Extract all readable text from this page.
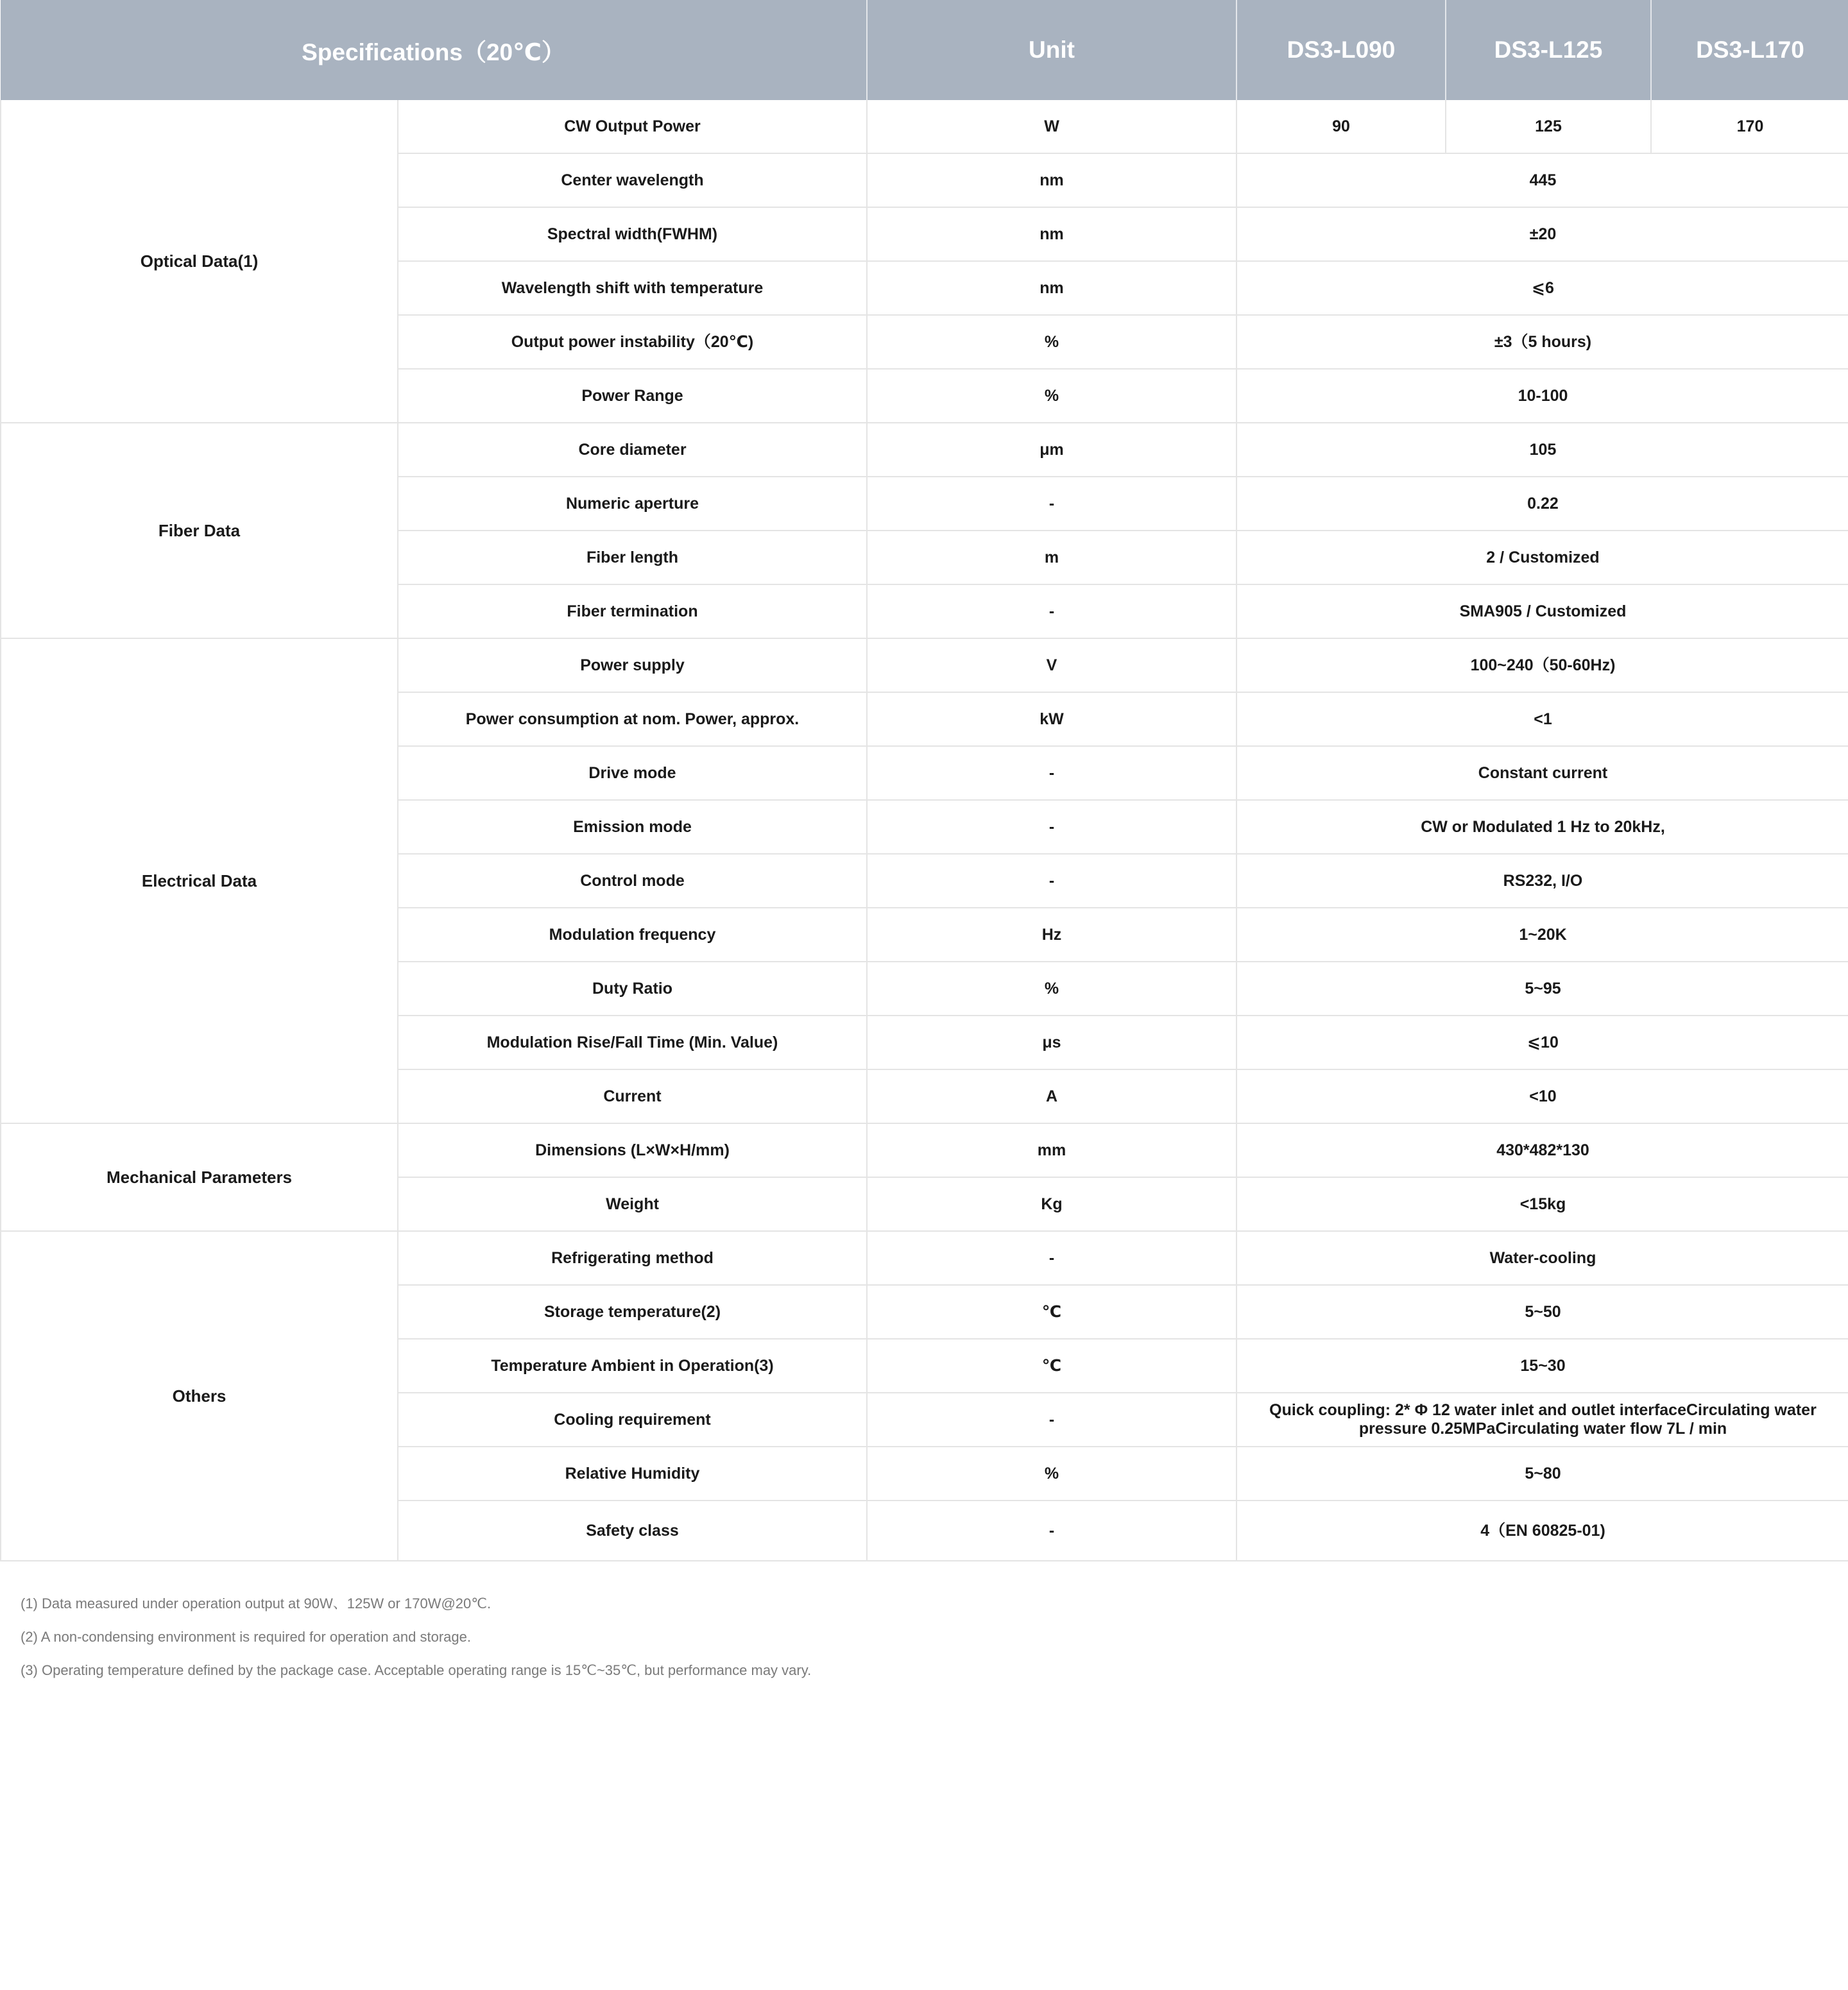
Specifications（20℃）		Unit	DS3-L090	DS3-L125	DS3-L170
Optical Data(1)	CW Output Power	W	90	125	170
	Center wavelength	nm	445		
	Spectral width(FWHM)	nm	±20		
	Wavelength shift with temperature	nm	⩽6		
	Output power instability（20℃)	%	±3（5 hours)		
	Power Range	%	10-100		
Fiber Data	Core diameter	μm	105		
	Numeric aperture	-	0.22		
	Fiber length	m	2 / Customized		
	Fiber termination	-	SMA905 / Customized		
Electrical Data	Power supply	V	100~240（50-60Hz)		
	Power consumption at nom. Power, approx.	kW	<1		
	Drive mode	-	Constant current		
	Emission mode	-	CW or Modulated 1 Hz to 20kHz,		
	Control mode	-	RS232, I/O		
	Modulation frequency	Hz	1~20K		
	Duty Ratio	%	5~95		
	Modulation Rise/Fall Time (Min. Value)	μs	⩽10		
	Current	A	<10		
Mechanical Parameters	Dimensions (L×W×H/mm)	mm	430*482*130		
	Weight	Kg	<15kg		
Others	Refrigerating method	-	Water-cooling		
	Storage temperature(2)	℃	5~50		
	Temperature Ambient in Operation(3)	℃	15~30		
	Cooling requirement	-	Quick coupling: 2* Φ 12 water inlet and outlet interfaceCirculating water pressure 0.25MPaCirculating water flow 7L / min		
	Relative Humidity	%	5~80		
	Safety class	-	4（EN 60825-01)		

(1) Data measured under operation output at 90W、125W or 170W@20℃.

(2) A non-condensing environment is required for operation and storage.

(3) Operating temperature defined by the package case. Acceptable operating range is 15℃~35℃, but performance may vary.
